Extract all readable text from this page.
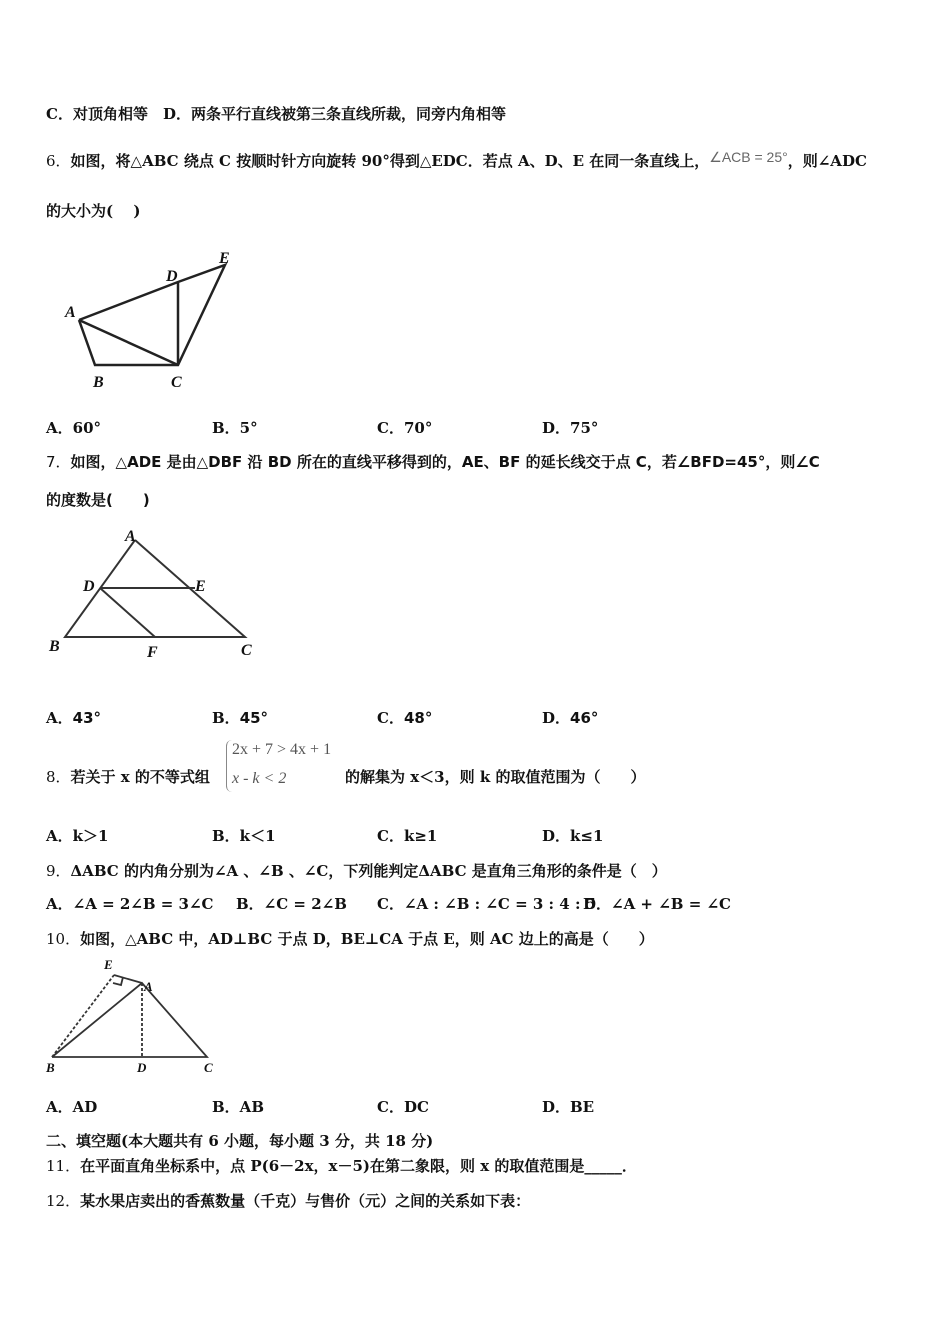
C．对顶角相等　D．两条平行直线被第三条直线所裁，同旁内角相等
6．如图，将△ABC 绕点 C 按顺时针方向旋转 90°得到△EDC．若点 A、D、E 在同一条直线上，∠ACB = 25°，则∠ADC
的大小为(　 )
A
B	C
D
E
A．60°	B．5°	C．70°	D．75°
7．如图，△ADE 是由△DBF 沿 BD 所在的直线平移得到的，AE、BF 的延长线交于点 C，若∠BFD=45°，则∠C
的度数是(　　)
A
B	C
D	E
F
A．43°	B．45°	C．48°	D．46°
8．若关于 x 的不等式组
2x + 7 > 4x + 1
x - k < 2	的解集为 x＜3，则 k 的取值范围为（　　）
A．k＞1	B．k＜1	C．k≥1	D．k≤1
9．ΔABC 的内角分别为∠A 、∠B 、∠C，下列能判定ΔABC 是直角三角形的条件是（　）
A．∠A = 2∠B = 3∠C B．∠C = 2∠B C．∠A : ∠B : ∠C = 3 : 4 : 5
D．∠A + ∠B = ∠C
10．如图，△ABC 中，AD⊥BC 于点 D，BE⊥CA 于点 E，则 AC 边上的高是（　　）
A
B	C
D
E
A．AD	B．AB	C．DC	D．BE
二、填空题(本大题共有 6 小题，每小题 3 分，共 18 分)
11．在平面直角坐标系中，点 P(6－2x，x－5)在第二象限，则 x 的取值范围是_____．
12．某水果店卖出的香蕉数量（千克）与售价（元）之间的关系如下表：
